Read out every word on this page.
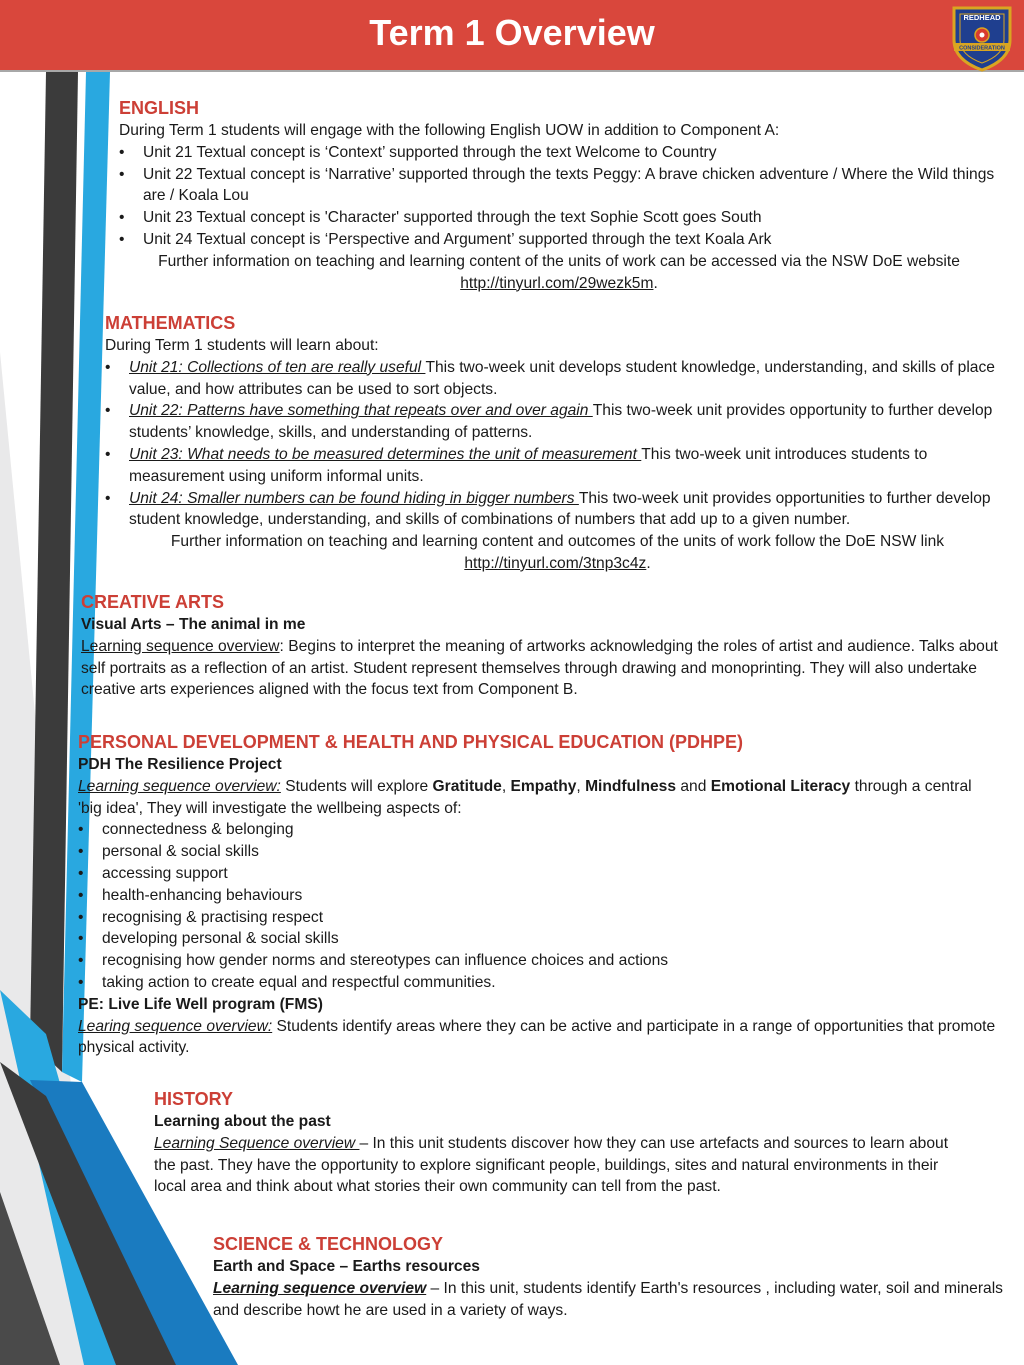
Term 1 Overview	REDHEAD
CONSIDERATION
ENGLISH
During Term 1 students will engage with the following English UOW in addition to Component A:
• Unit 21 Textual concept is ‘Context’ supported through the text Welcome to Country
• Unit 22 Textual concept is ‘Narrative’ supported through the texts Peggy: A brave chicken adventure / Where the Wild things are / Koala Lou
• Unit 23 Textual concept is 'Character' supported through the text Sophie Scott goes South
• Unit 24 Textual concept is ‘Perspective and Argument’ supported through the text Koala Ark
Further information on teaching and learning content of the units of work can be accessed via the NSW DoE website
http://tinyurl.com/29wezk5m.
MATHEMATICS
During Term 1 students will learn about:
• Unit 21: Collections of ten are really useful This two-week unit develops student knowledge, understanding, and skills of place value, and how attributes can be used to sort objects.
• Unit 22: Patterns have something that repeats over and over again This two-week unit provides opportunity to further develop students’ knowledge, skills, and understanding of patterns.
• Unit 23: What needs to be measured determines the unit of measurement This two-week unit introduces students to measurement using uniform informal units.
• Unit 24: Smaller numbers can be found hiding in bigger numbers This two-week unit provides opportunities to further develop student knowledge, understanding, and skills of combinations of numbers that add up to a given number.
Further information on teaching and learning content and outcomes of the units of work follow the DoE NSW link
http://tinyurl.com/3tnp3c4z.
CREATIVE ARTS
Visual Arts – The animal in me
Learning sequence overview: Begins to interpret the meaning of artworks acknowledging the roles of artist and audience. Talks about self portraits as a reflection of an artist. Student represent themselves through drawing and monoprinting. They will also undertake creative arts experiences aligned with the focus text from Component B.
PERSONAL DEVELOPMENT & HEALTH AND PHYSICAL EDUCATION (PDHPE)
PDH The Resilience Project
Learning sequence overview: Students will explore Gratitude, Empathy, Mindfulness and Emotional Literacy through a central 'big idea', They will investigate the wellbeing aspects of:
• connectedness & belonging
• personal & social skills
• accessing support
• health-enhancing behaviours
• recognising & practising respect
• developing personal & social skills
• recognising how gender norms and stereotypes can influence choices and actions
• taking action to create equal and respectful communities.
PE: Live Life Well program (FMS)
Learing sequence overview: Students identify areas where they can be active and participate in a range of opportunities that promote physical activity.
HISTORY
Learning about the past
Learning Sequence overview – In this unit students discover how they can use artefacts and sources to learn about the past. They have the opportunity to explore significant people, buildings, sites and natural environments in their local area and think about what stories their own community can tell from the past.
SCIENCE & TECHNOLOGY
Earth and Space – Earths resources
Learning sequence overview – In this unit, students identify Earth's resources , including water, soil and minerals and describe howt he are used in a variety of ways.
